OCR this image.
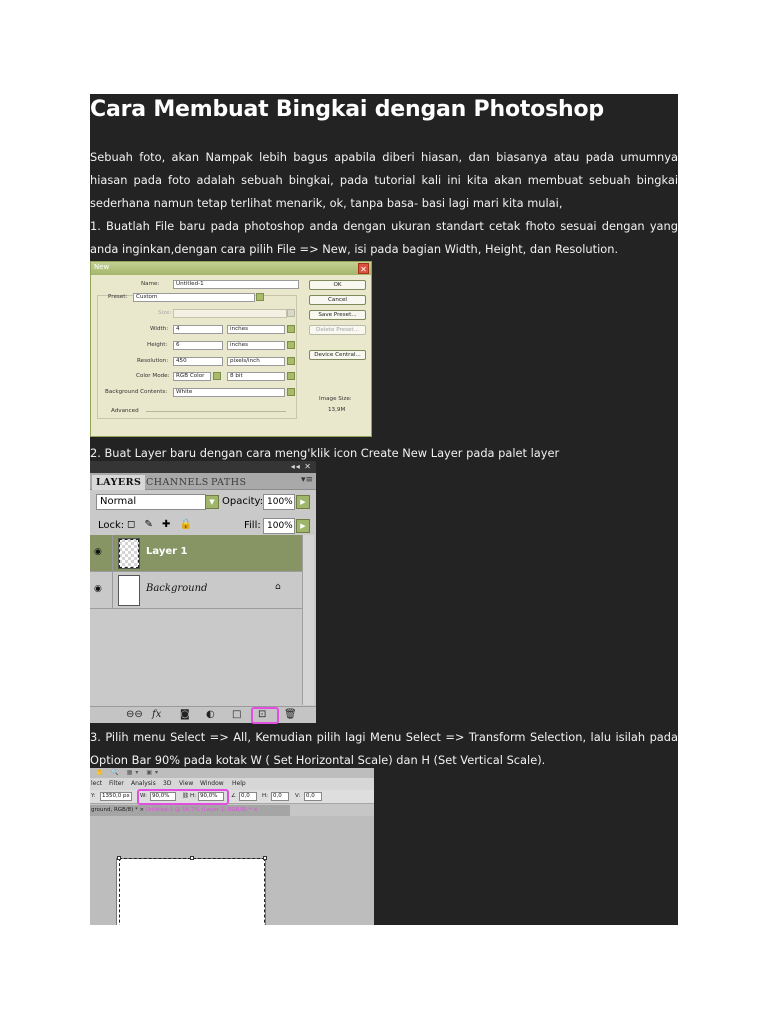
Cara Membuat Bingkai dengan Photoshop

Sebuah foto, akan Nampak lebih bagus apabila diberi hiasan, dan biasanya atau pada umumnya hiasan pada foto adalah sebuah bingkai, pada tutorial kali ini kita akan membuat sebuah bingkai sederhana namun tetap terlihat menarik, ok, tanpa basa- basi lagi mari kita mulai,

1. Buatlah File baru pada photoshop anda dengan ukuran standart cetak fhoto sesuai dengan yang anda inginkan,dengan cara pilih File => New, isi pada bagian Width, Height, dan Resolution.

New	✕
Name:	Untitled-1
Preset:	Custom
Size:
Width:	4	inches
Height:	6	inches
Resolution:	450	pixels/inch
Color Mode:	RGB Color	8 bit
Background Contents:	White
Advanced
OK
Cancel
Save Preset...
Delete Preset...
Device Central...
Image Size:
13,9M

2. Buat Layer baru dengan cara meng'klik icon Create New Layer pada palet layer

◂◂ ✕
LAYERS CHANNELS PATHS	▾≡
Normal	▼ Opacity: 100%	▶
Lock: ◻ ✎ ✚ 🔒	Fill: 100%	▶
◉	Layer 1
◉	Background	⌂
⊖⊖ fx ◙ ◐ □ ⊡ 🗑

3. Pilih menu Select => All, Kemudian pilih lagi Menu Select => Transform Selection, lalu isilah pada Option Bar 90% pada kotak W ( Set Horizontal Scale) dan H (Set Vertical Scale).

✋ 🔍 ▦▾ ▣▾
lect Filter Analysis 3D View Window Help
Y:	1350,0 px	W: 90,0%	⛓ H: 90,0%	∠ 0,0	H: 0,0	V:	0,0
ground, RGB/8) * × Untitled-1 @ 16,7% (Layer 1, RGB/8) * ×
